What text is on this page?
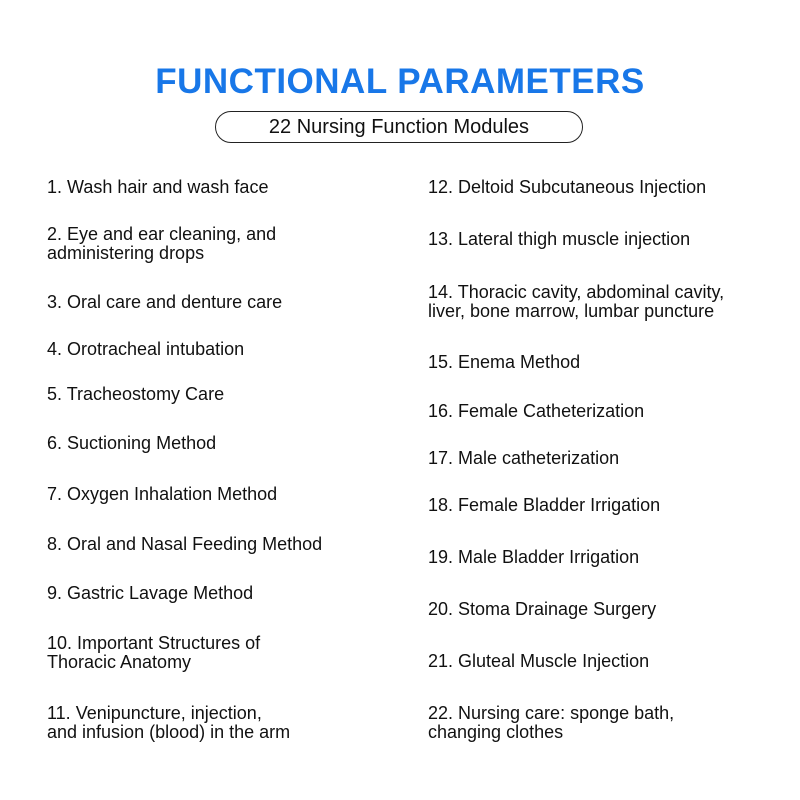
FUNCTIONAL PARAMETERS
22 Nursing Function Modules
1. Wash hair and wash face
2. Eye and ear cleaning, and
administering drops
3. Oral care and denture care
4. Orotracheal intubation
5. Tracheostomy Care
6. Suctioning Method
7. Oxygen Inhalation Method
8. Oral and Nasal Feeding Method
9. Gastric Lavage Method
10. Important Structures of
Thoracic Anatomy
11. Venipuncture, injection,
and infusion (blood) in the arm
12. Deltoid Subcutaneous Injection
13. Lateral thigh muscle injection
14. Thoracic cavity, abdominal cavity,
liver, bone marrow, lumbar puncture
15. Enema Method
16. Female Catheterization
17. Male catheterization
18. Female Bladder Irrigation
19. Male Bladder Irrigation
20. Stoma Drainage Surgery
21. Gluteal Muscle Injection
22. Nursing care: sponge bath,
changing clothes
